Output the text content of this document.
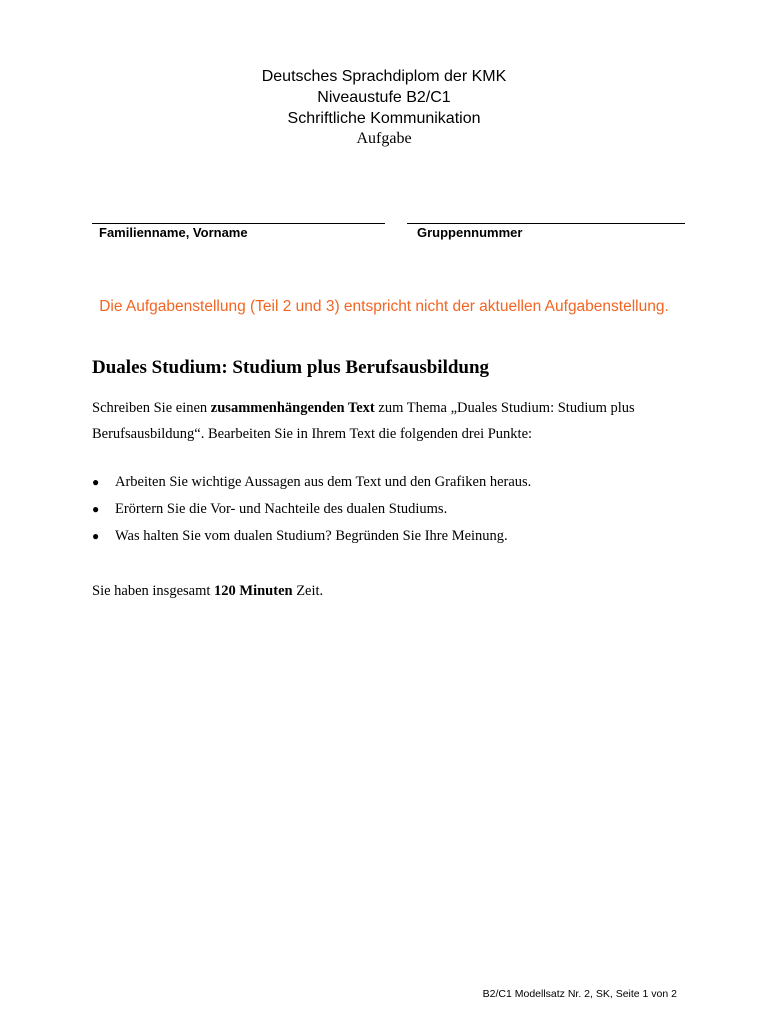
Deutsches Sprachdiplom der KMK

Niveaustufe B2/C1

Schriftliche Kommunikation

Aufgabe

Familienname, Vorname	Gruppennummer
Die Aufgabenstellung (Teil 2 und 3) entspricht nicht der aktuellen Aufgabenstellung.
Duales Studium: Studium plus Berufsausbildung

Schreiben Sie einen zusammenhängenden Text zum Thema „Duales Studium: Studium plus Berufsausbildung“. Bearbeiten Sie in Ihrem Text die folgenden drei Punkte:

●	Arbeiten Sie wichtige Aussagen aus dem Text und den Grafiken heraus.
●	Erörtern Sie die Vor- und Nachteile des dualen Studiums.
●	Was halten Sie vom dualen Studium? Begründen Sie Ihre Meinung.

Sie haben insgesamt 120 Minuten Zeit.

B2/C1 Modellsatz Nr. 2, SK, Seite 1 von 2
